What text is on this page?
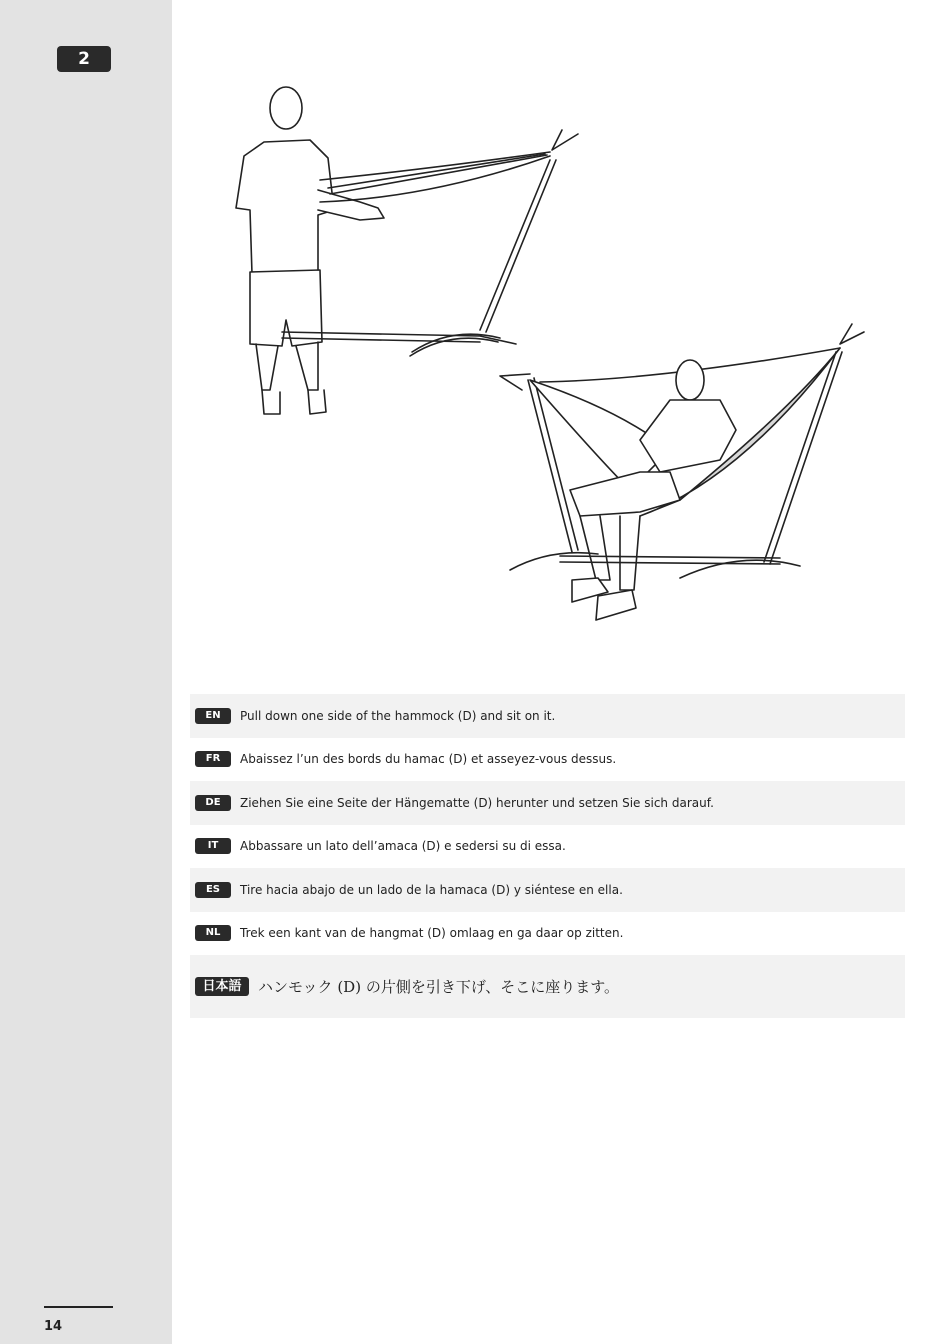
2
14
EN	Pull down one side of the hammock (D) and sit on it.
FR	Abaissez l’un des bords du hamac (D) et asseyez-vous dessus.
DE	Ziehen Sie eine Seite der Hängematte (D) herunter und setzen Sie sich darauf.
IT	Abbassare un lato dell’amaca (D) e sedersi su di essa.
ES	Tire hacia abajo de un lado de la hamaca (D) y siéntese en ella.
NL	Trek een kant van de hangmat (D) omlaag en ga daar op zitten.
日本語	ハンモック (D) の片側を引き下げ、そこに座ります。
